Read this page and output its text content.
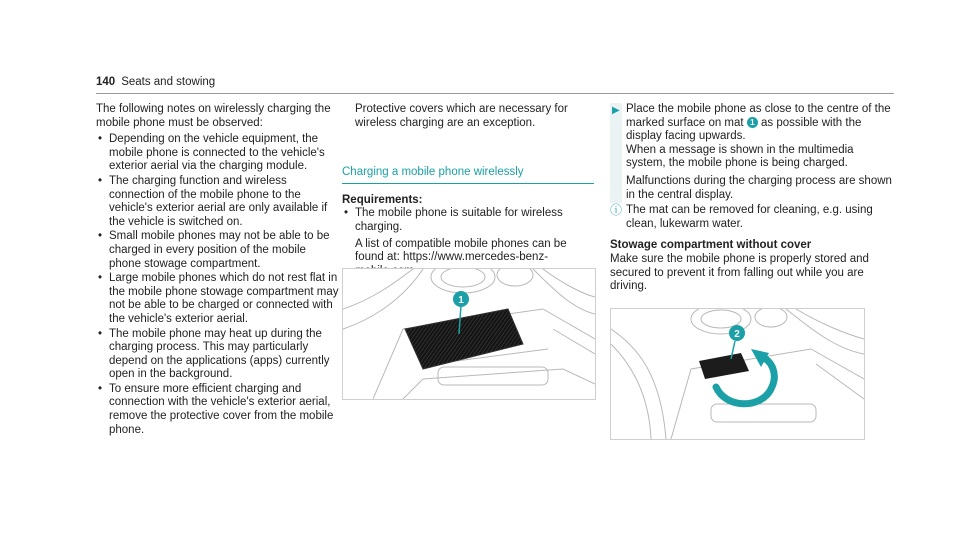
140 Seats and stowing

The following notes on wirelessly charging the mobile phone must be observed:

• Depending on the vehicle equipment, the mobile phone is connected to the vehicle's exterior aerial via the charging module.
• The charging function and wireless connection of the mobile phone to the vehicle's exterior aerial are only available if the vehicle is switched on.
• Small mobile phones may not be able to be charged in every position of the mobile phone stowage compartment.
• Large mobile phones which do not rest flat in the mobile phone stowage compartment may not be able to be charged or connected with the vehicle's exterior aerial.
• The mobile phone may heat up during the charging process. This may particularly depend on the applications (apps) currently open in the background.
• To ensure more efficient charging and connection with the vehicle's exterior aerial, remove the protective cover from the mobile phone.

Protective covers which are necessary for wireless charging are an exception.

Charging a mobile phone wirelessly

Requirements:

• The mobile phone is suitable for wireless charging.

A list of compatible mobile phones can be found at: https://www.mercedes-benz-

1
▶ Place the mobile phone as close to the centre of the marked surface on mat 1 as possible with the display facing upwards.

When a message is shown in the multimedia system, the mobile phone is being charged.

Malfunctions during the charging process are shown in the central display.

ⓘ The mat can be removed for cleaning, e.g. using clean, lukewarm water.

Stowage compartment without cover

Make sure the mobile phone is properly stored and secured to prevent it from falling out while you are driving.

2
